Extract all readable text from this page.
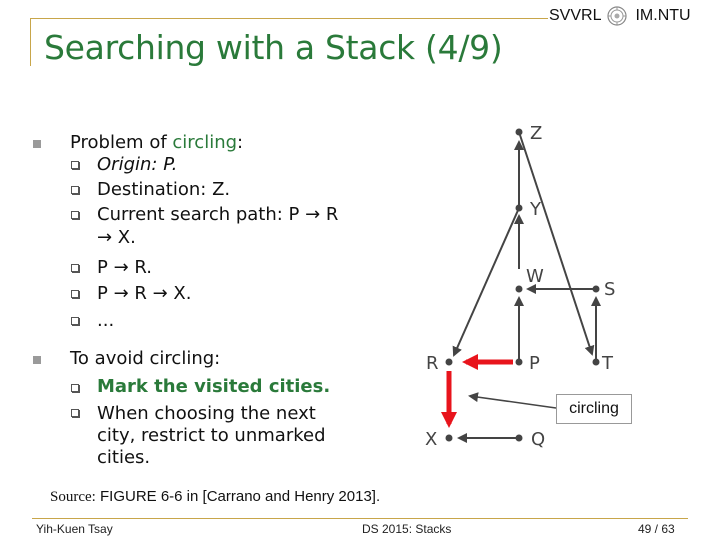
Searching with a Stack (4/9)
SVVRL IM.NTU
Problem of circling:
Origin: P.
Destination: Z.
Current search path: P → R
→ X.
P → R.
P → R → X.
...
To avoid circling:
Mark the visited cities.
When choosing the next
city, restrict to unmarked
cities.
Z
Y
W
S
R	P	T
X	Q
circling
Source: FIGURE 6-6 in [Carrano and Henry 2013].
Yih-Kuen Tsay	DS 2015: Stacks	49 / 63
